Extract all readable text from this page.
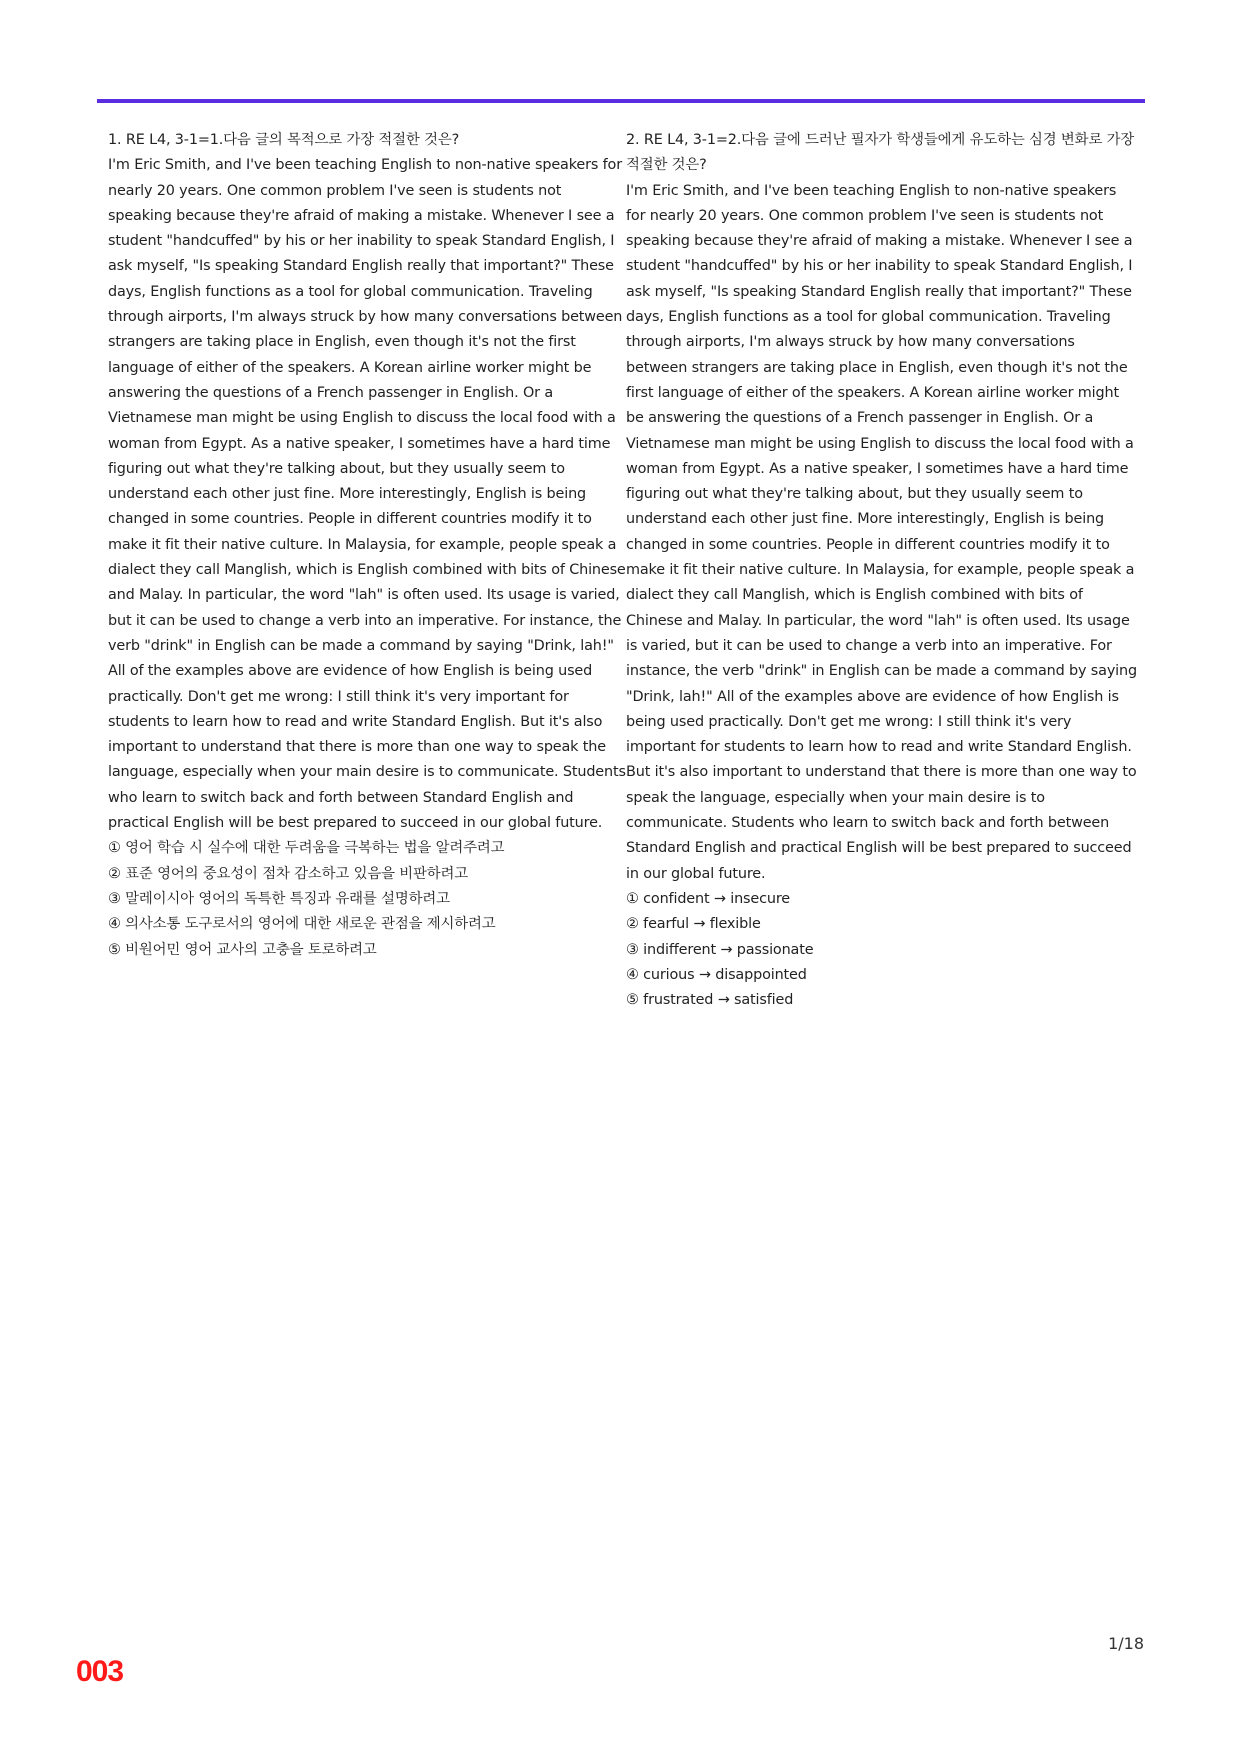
1. RE L4, 3-1=1.다음 글의 목적으로 가장 적절한 것은?

I'm Eric Smith, and I've been teaching English to non-native speakers for nearly 20 years. One common problem I've seen is students not speaking because they're afraid of making a mistake. Whenever I see a student "handcuffed" by his or her inability to speak Standard English, I ask myself, "Is speaking Standard English really that important?" These days, English functions as a tool for global communication. Traveling through airports, I'm always struck by how many conversations between strangers are taking place in English, even though it's not the first language of either of the speakers. A Korean airline worker might be answering the questions of a French passenger in English. Or a Vietnamese man might be using English to discuss the local food with a woman from Egypt. As a native speaker, I sometimes have a hard time figuring out what they're talking about, but they usually seem to understand each other just fine. More interestingly, English is being changed in some countries. People in different countries modify it to make it fit their native culture. In Malaysia, for example, people speak a dialect they call Manglish, which is English combined with bits of Chinese and Malay. In particular, the word "lah" is often used. Its usage is varied, but it can be used to change a verb into an imperative. For instance, the verb "drink" in English can be made a command by saying "Drink, lah!" All of the examples above are evidence of how English is being used practically. Don't get me wrong: I still think it's very important for students to learn how to read and write Standard English. But it's also important to understand that there is more than one way to speak the language, especially when your main desire is to communicate. Students who learn to switch back and forth between Standard English and practical English will be best prepared to succeed in our global future.

① 영어 학습 시 실수에 대한 두려움을 극복하는 법을 알려주려고
② 표준 영어의 중요성이 점차 감소하고 있음을 비판하려고
③ 말레이시아 영어의 독특한 특징과 유래를 설명하려고
④ 의사소통 도구로서의 영어에 대한 새로운 관점을 제시하려고
⑤ 비원어민 영어 교사의 고충을 토로하려고

2. RE L4, 3-1=2.다음 글에 드러난 필자가 학생들에게 유도하는 심경 변화로 가장 적절한 것은?

I'm Eric Smith, and I've been teaching English to non-native speakers for nearly 20 years. One common problem I've seen is students not speaking because they're afraid of making a mistake. Whenever I see a student "handcuffed" by his or her inability to speak Standard English, I ask myself, "Is speaking Standard English really that important?" These days, English functions as a tool for global communication. Traveling through airports, I'm always struck by how many conversations between strangers are taking place in English, even though it's not the first language of either of the speakers. A Korean airline worker might be answering the questions of a French passenger in English. Or a Vietnamese man might be using English to discuss the local food with a woman from Egypt. As a native speaker, I sometimes have a hard time figuring out what they're talking about, but they usually seem to understand each other just fine. More interestingly, English is being changed in some countries. People in different countries modify it to make it fit their native culture. In Malaysia, for example, people speak a dialect they call Manglish, which is English combined with bits of Chinese and Malay. In particular, the word "lah" is often used. Its usage is varied, but it can be used to change a verb into an imperative. For instance, the verb "drink" in English can be made a command by saying "Drink, lah!" All of the examples above are evidence of how English is being used practically. Don't get me wrong: I still think it's very important for students to learn how to read and write Standard English. But it's also important to understand that there is more than one way to speak the language, especially when your main desire is to communicate. Students who learn to switch back and forth between Standard English and practical English will be best prepared to succeed in our global future.

① confident → insecure
② fearful → flexible
③ indifferent → passionate
④ curious → disappointed
⑤ frustrated → satisfied
1/18
003
